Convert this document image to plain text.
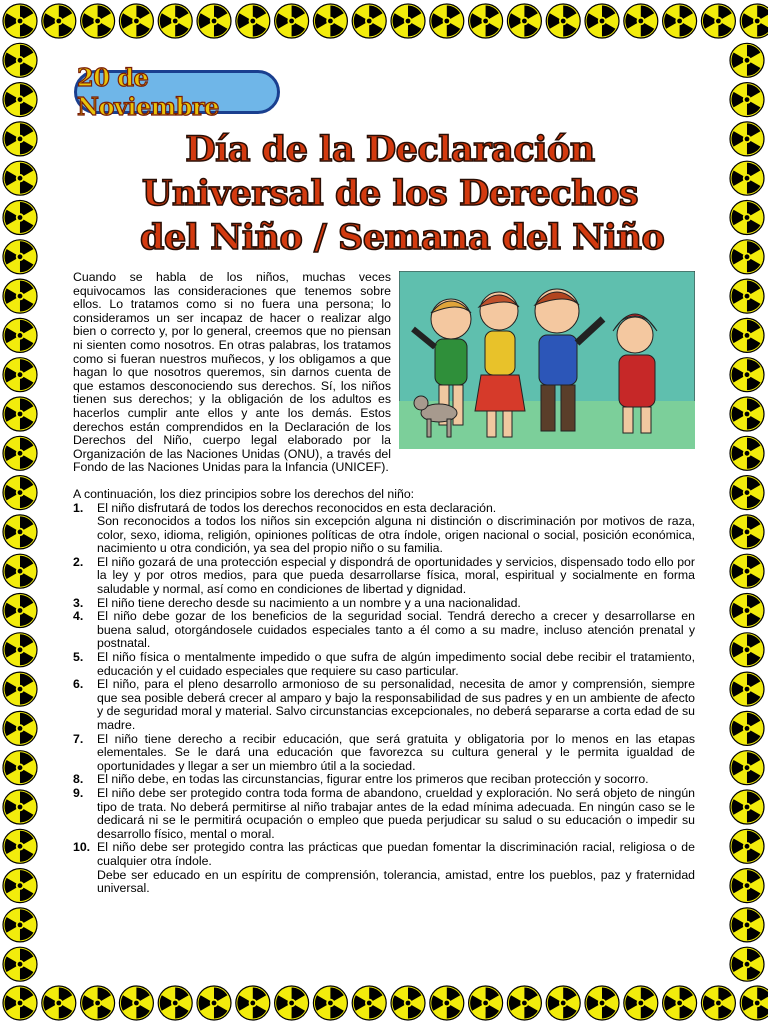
20 de Noviembre
Día de la Declaración
Universal de los Derechos
del Niño / Semana del Niño

Cuando se habla de los niños, muchas veces equivocamos las consideraciones que tenemos sobre ellos. Lo tratamos como si no fuera una persona; lo consideramos un ser incapaz de hacer o realizar algo bien o correcto y, por lo general, creemos que no piensan ni sienten como nosotros. En otras palabras, los tratamos como si fueran nuestros muñecos, y los obligamos a que hagan lo que nosotros queremos, sin darnos cuenta de que estamos desconociendo sus derechos. Sí, los niños tienen sus derechos; y la obligación de los adultos es hacerlos cumplir ante ellos y ante los demás. Estos derechos están comprendidos en la Declaración de los Derechos del Niño, cuerpo legal elaborado por la Organización de las Naciones Unidas (ONU), a través del Fondo de las Naciones Unidas para la Infancia (UNICEF).

A continuación, los diez principios sobre los derechos del niño:

1. El niño disfrutará de todos los derechos reconocidos en esta declaración.
Son reconocidos a todos los niños sin excepción alguna ni distinción o discriminación por motivos de raza, color, sexo, idioma, religión, opiniones políticas de otra índole, origen nacional o social, posición económica, nacimiento u otra condición, ya sea del propio niño o su familia.
2. El niño gozará de una protección especial y dispondrá de oportunidades y servicios, dispensado todo ello por la ley y por otros medios, para que pueda desarrollarse física, moral, espiritual y socialmente en forma saludable y normal, así como en condiciones de libertad y dignidad.
3. El niño tiene derecho desde su nacimiento a un nombre y a una nacionalidad.
4. El niño debe gozar de los beneficios de la seguridad social. Tendrá derecho a crecer y desarrollarse en buena salud, otorgándosele cuidados especiales tanto a él como a su madre, incluso atención prenatal y postnatal.
5. El niño física o mentalmente impedido o que sufra de algún impedimento social debe recibir el tratamiento, educación y el cuidado especiales que requiere su caso particular.
6. El niño, para el pleno desarrollo armonioso de su personalidad, necesita de amor y comprensión, siempre que sea posible deberá crecer al amparo y bajo la responsabilidad de sus padres y en un ambiente de afecto y de seguridad moral y material. Salvo circunstancias excepcionales, no deberá separarse a corta edad de su madre.
7. El niño tiene derecho a recibir educación, que será gratuita y obligatoria por lo menos en las etapas elementales. Se le dará una educación que favorezca su cultura general y le permita igualdad de oportunidades y llegar a ser un miembro útil a la sociedad.
8. El niño debe, en todas las circunstancias, figurar entre los primeros que reciban protección y socorro.
9. El niño debe ser protegido contra toda forma de abandono, crueldad y exploración. No será objeto de ningún tipo de trata. No deberá permitirse al niño trabajar antes de la edad mínima adecuada. En ningún caso se le dedicará ni se le permitirá ocupación o empleo que pueda perjudicar su salud o su educación o impedir su desarrollo físico, mental o moral.
10. El niño debe ser protegido contra las prácticas que puedan fomentar la discriminación racial, religiosa o de cualquier otra índole.
Debe ser educado en un espíritu de comprensión, tolerancia, amistad, entre los pueblos, paz y fraternidad universal.
